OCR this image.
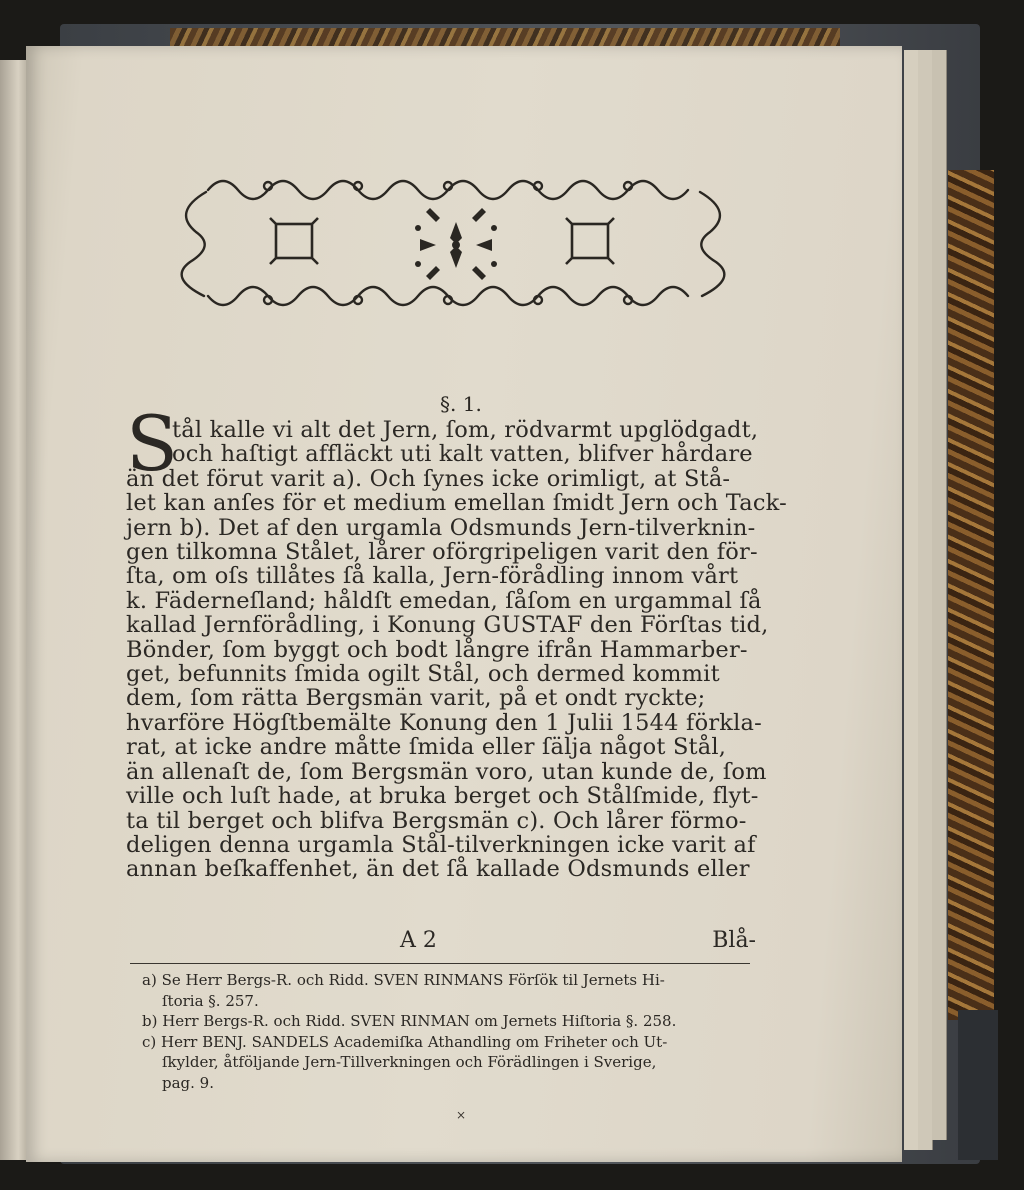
§. 1.

S
tål kalle vi alt det Jern, ſom, rödvarmt upglödgadt,
och haſtigt affläckt uti kalt vatten, blifver hårdare
än det förut varit a). Och ſynes icke orimligt, at Stå-
let kan anſes för et medium emellan ſmidt Jern och Tack-
jern b). Det af den urgamla Odsmunds Jern-tilverknin-
gen tilkomna Stålet, lårer oförgripeligen varit den för-
ſta, om oſs tillåtes ſå kalla, Jern-förådling innom vårt
k. Fäderneſland; håldſt emedan, ſåſom en urgammal ſå
kallad Jernförådling, i Konung GUSTAF den Förſtas tid,
Bönder, ſom byggt och bodt långre ifrån Hammarber-
get, befunnits ſmida ogilt Stål, och dermed kommit
dem, ſom rätta Bergsmän varit, på et ondt ryckte;
hvarföre Högſtbemälte Konung den 1 Julii 1544 förkla-
rat, at icke andre måtte ſmida eller ſälja något Stål,
än allenaſt de, ſom Bergsmän voro, utan kunde de, ſom
ville och luſt hade, at bruka berget och Stålſmide, flyt-
ta til berget och blifva Bergsmän c). Och lårer förmo-
deligen denna urgamla Stål-tilverkningen icke varit af
annan beſkaffenhet, än det ſå kallade Odsmunds eller
A 2	Blå-
a) Se Herr Bergs-R. och Ridd. SVEN RINMANS Förſök til Jernets Hi-
ſtoria §. 257.
b) Herr Bergs-R. och Ridd. SVEN RINMAN om Jernets Hiſtoria §. 258.
c) Herr BENJ. SANDELS Academiſka Athandling om Friheter och Ut-
ſkylder, åtföljande Jern-Tillverkningen och Förädlingen i Sverige,
pag. 9.
×
